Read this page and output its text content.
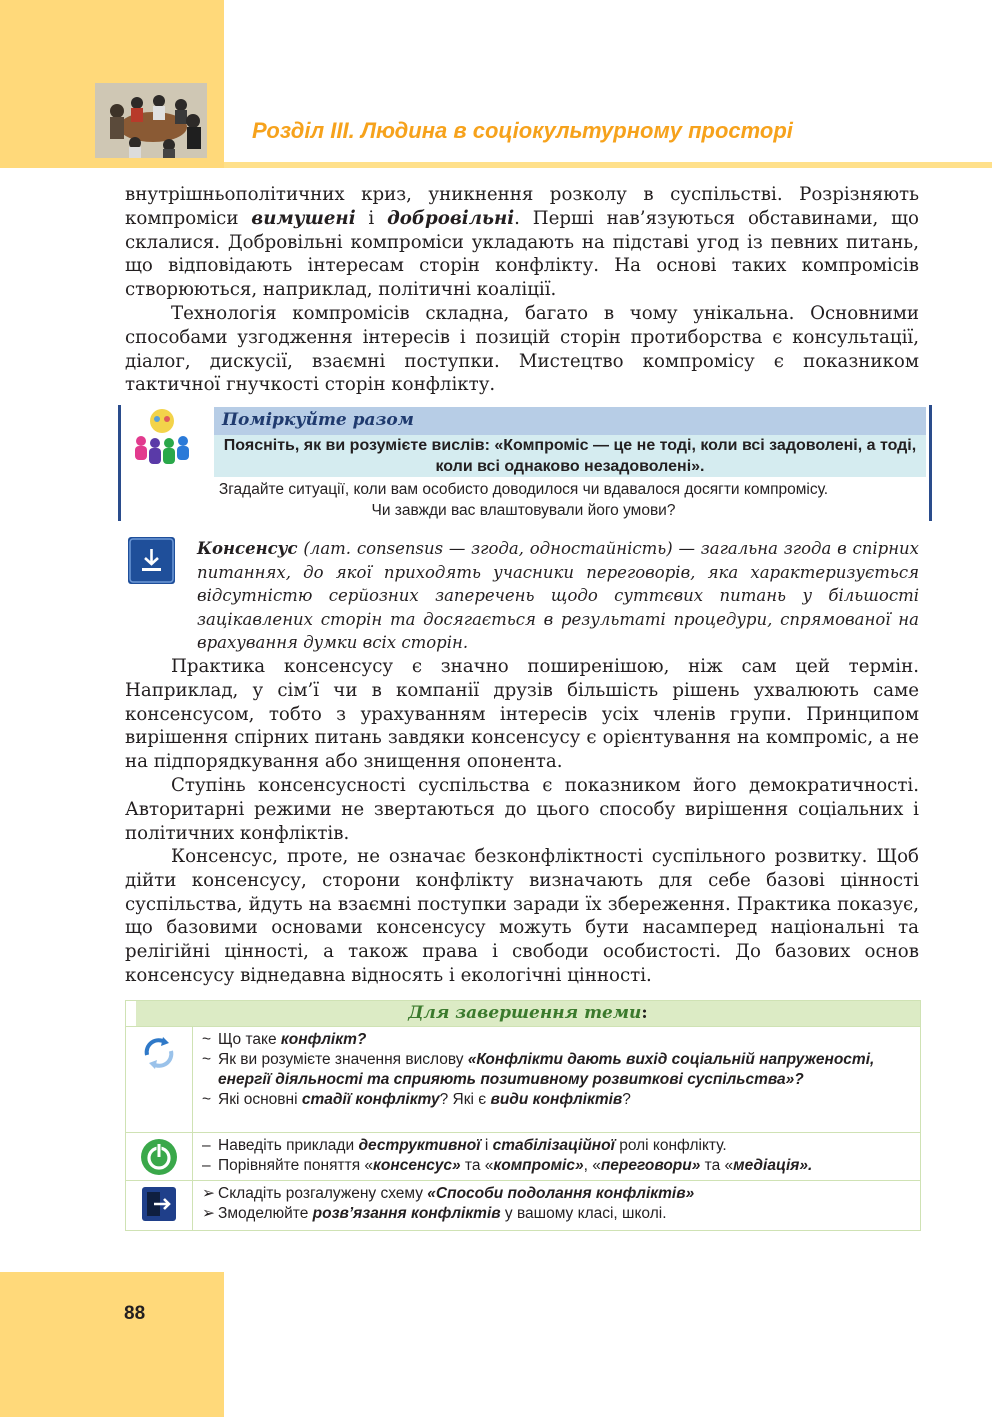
Розділ ІІІ. Людина в соціокультурному просторі
внутрішньополітичних криз, уникнення розколу в суспільстві. Розрізняють компроміси вимушені і добровільні. Перші нав’язуються обставинами, що склалися. Добровільні компроміси укладають на підставі угод із певних питань, що відповідають інтересам сторін конфлікту. На основі таких компромісів створюються, наприклад, політичні коаліції.
Технологія компромісів складна, багато в чому унікальна. Основними способами узгодження інтересів і позицій сторін протиборства є консультації, діалог, дискусії, взаємні поступки. Мистецтво компромісу є показником тактичної гнучкості сторін конфлікту.
Поміркуйте разом
Поясніть, як ви розумієте вислів: «Компроміс — це не тоді, коли всі задоволені, а тоді, коли всі однаково незадоволені».
Згадайте ситуації, коли вам особисто доводилося чи вдавалося досягти компромісу.
Чи завжди вас влаштовували його умови?
Консенсус (лат. consensus — згода, одностайність) — загальна згода в спірних питаннях, до якої приходять учасники переговорів, яка характеризується відсутністю серйозних заперечень щодо суттєвих питань у більшості зацікавлених сторін та досягається в результаті процедури, спрямованої на врахування думки всіх сторін.
Практика консенсусу є значно поширенішою, ніж сам цей термін. Наприклад, у сім’ї чи в компанії друзів більшість рішень ухвалюють саме консенсусом, тобто з урахуванням інтересів усіх членів групи. Принципом вирішення спірних питань завдяки консенсусу є орієнтування на компроміс, а не на підпорядкування або знищення опонента.
Ступінь консенсусності суспільства є показником його демократичності. Авторитарні режими не звертаються до цього способу вирішення соціальних і політичних конфліктів.
Консенсус, проте, не означає безконфліктності суспільного розвитку. Щоб дійти консенсусу, сторони конфлікту визначають для себе базові цінності суспільства, йдуть на взаємні поступки заради їх збереження. Практика показує, що базовими основами консенсусу можуть бути насамперед національні та релігійні цінності, а також права і свободи особистості. До базових основ консенсусу віднедавна відносять і екологічні цінності.
Для завершення теми:
~ Що таке конфлікт?
~ Як ви розумієте значення вислову «Конфлікти дають вихід соціальній напруженості, енергії діяльності та сприяють позитивному розвиткові суспільства»?
~ Які основні стадії конфлікту? Які є види конфліктів?
– Наведіть приклади деструктивної і стабілізаційної ролі конфлікту.
– Порівняйте поняття «консенсус» та «компроміс», «переговори» та «медіація».
➢ Складіть розгалужену схему «Способи подолання конфліктів»
➢ Змоделюйте розв’язання конфліктів у вашому класі, школі.
88
